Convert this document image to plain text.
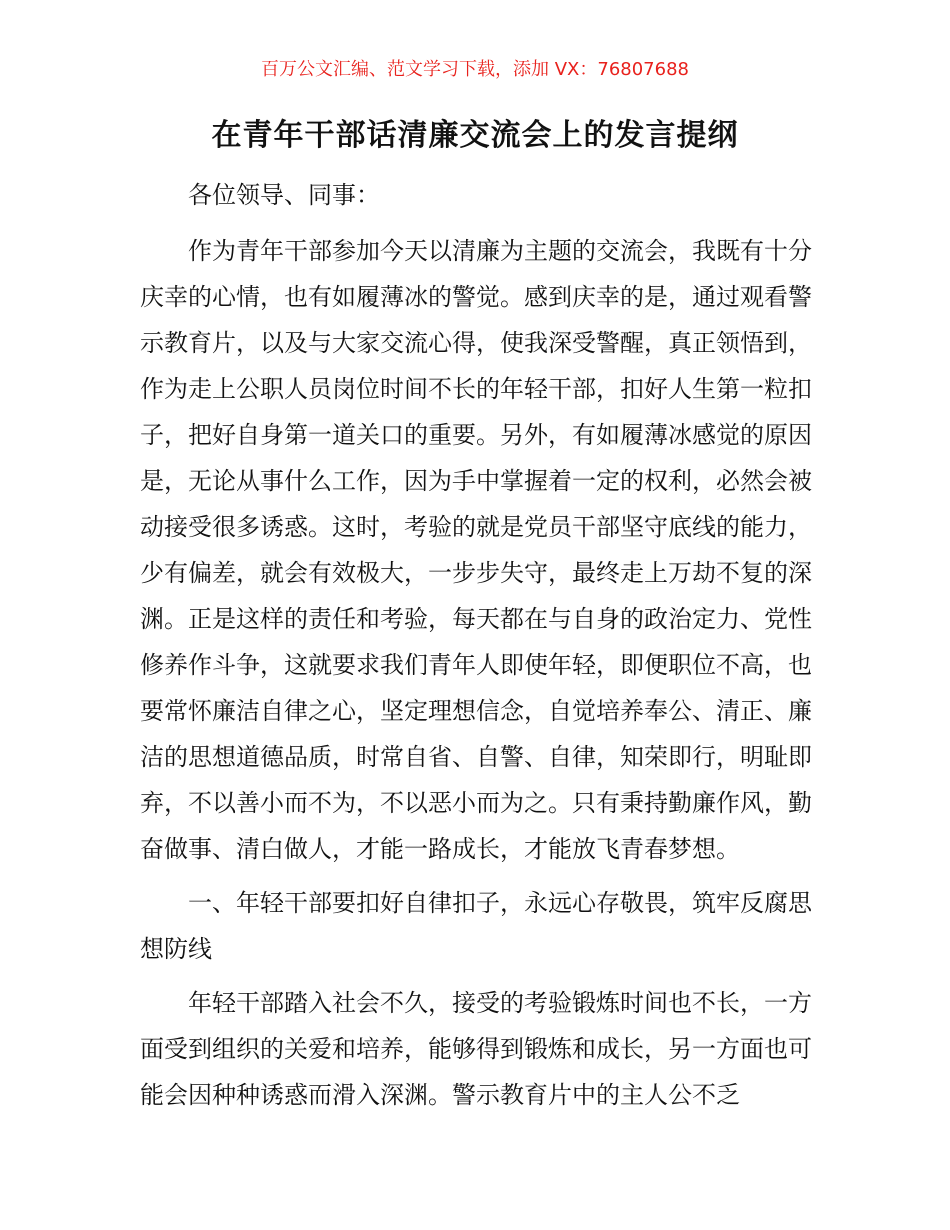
百万公文汇编、范文学习下载，添加 VX：76807688
在青年干部话清廉交流会上的发言提纲

各位领导、同事：

作为青年干部参加今天以清廉为主题的交流会，我既有十分庆幸的心情，也有如履薄冰的警觉。感到庆幸的是，通过观看警示教育片，以及与大家交流心得，使我深受警醒，真正领悟到，作为走上公职人员岗位时间不长的年轻干部，扣好人生第一粒扣子，把好自身第一道关口的重要。另外，有如履薄冰感觉的原因是，无论从事什么工作，因为手中掌握着一定的权利，必然会被动接受很多诱惑。这时，考验的就是党员干部坚守底线的能力，少有偏差，就会有效极大，一步步失守，最终走上万劫不复的深渊。正是这样的责任和考验，每天都在与自身的政治定力、党性修养作斗争，这就要求我们青年人即使年轻，即便职位不高，也要常怀廉洁自律之心，坚定理想信念，自觉培养奉公、清正、廉洁的思想道德品质，时常自省、自警、自律，知荣即行，明耻即弃，不以善小而不为，不以恶小而为之。只有秉持勤廉作风，勤奋做事、清白做人，才能一路成长，才能放飞青春梦想。

一、年轻干部要扣好自律扣子，永远心存敬畏，筑牢反腐思想防线

年轻干部踏入社会不久，接受的考验锻炼时间也不长，一方面受到组织的关爱和培养，能够得到锻炼和成长，另一方面也可能会因种种诱惑而滑入深渊。警示教育片中的主人公不乏
